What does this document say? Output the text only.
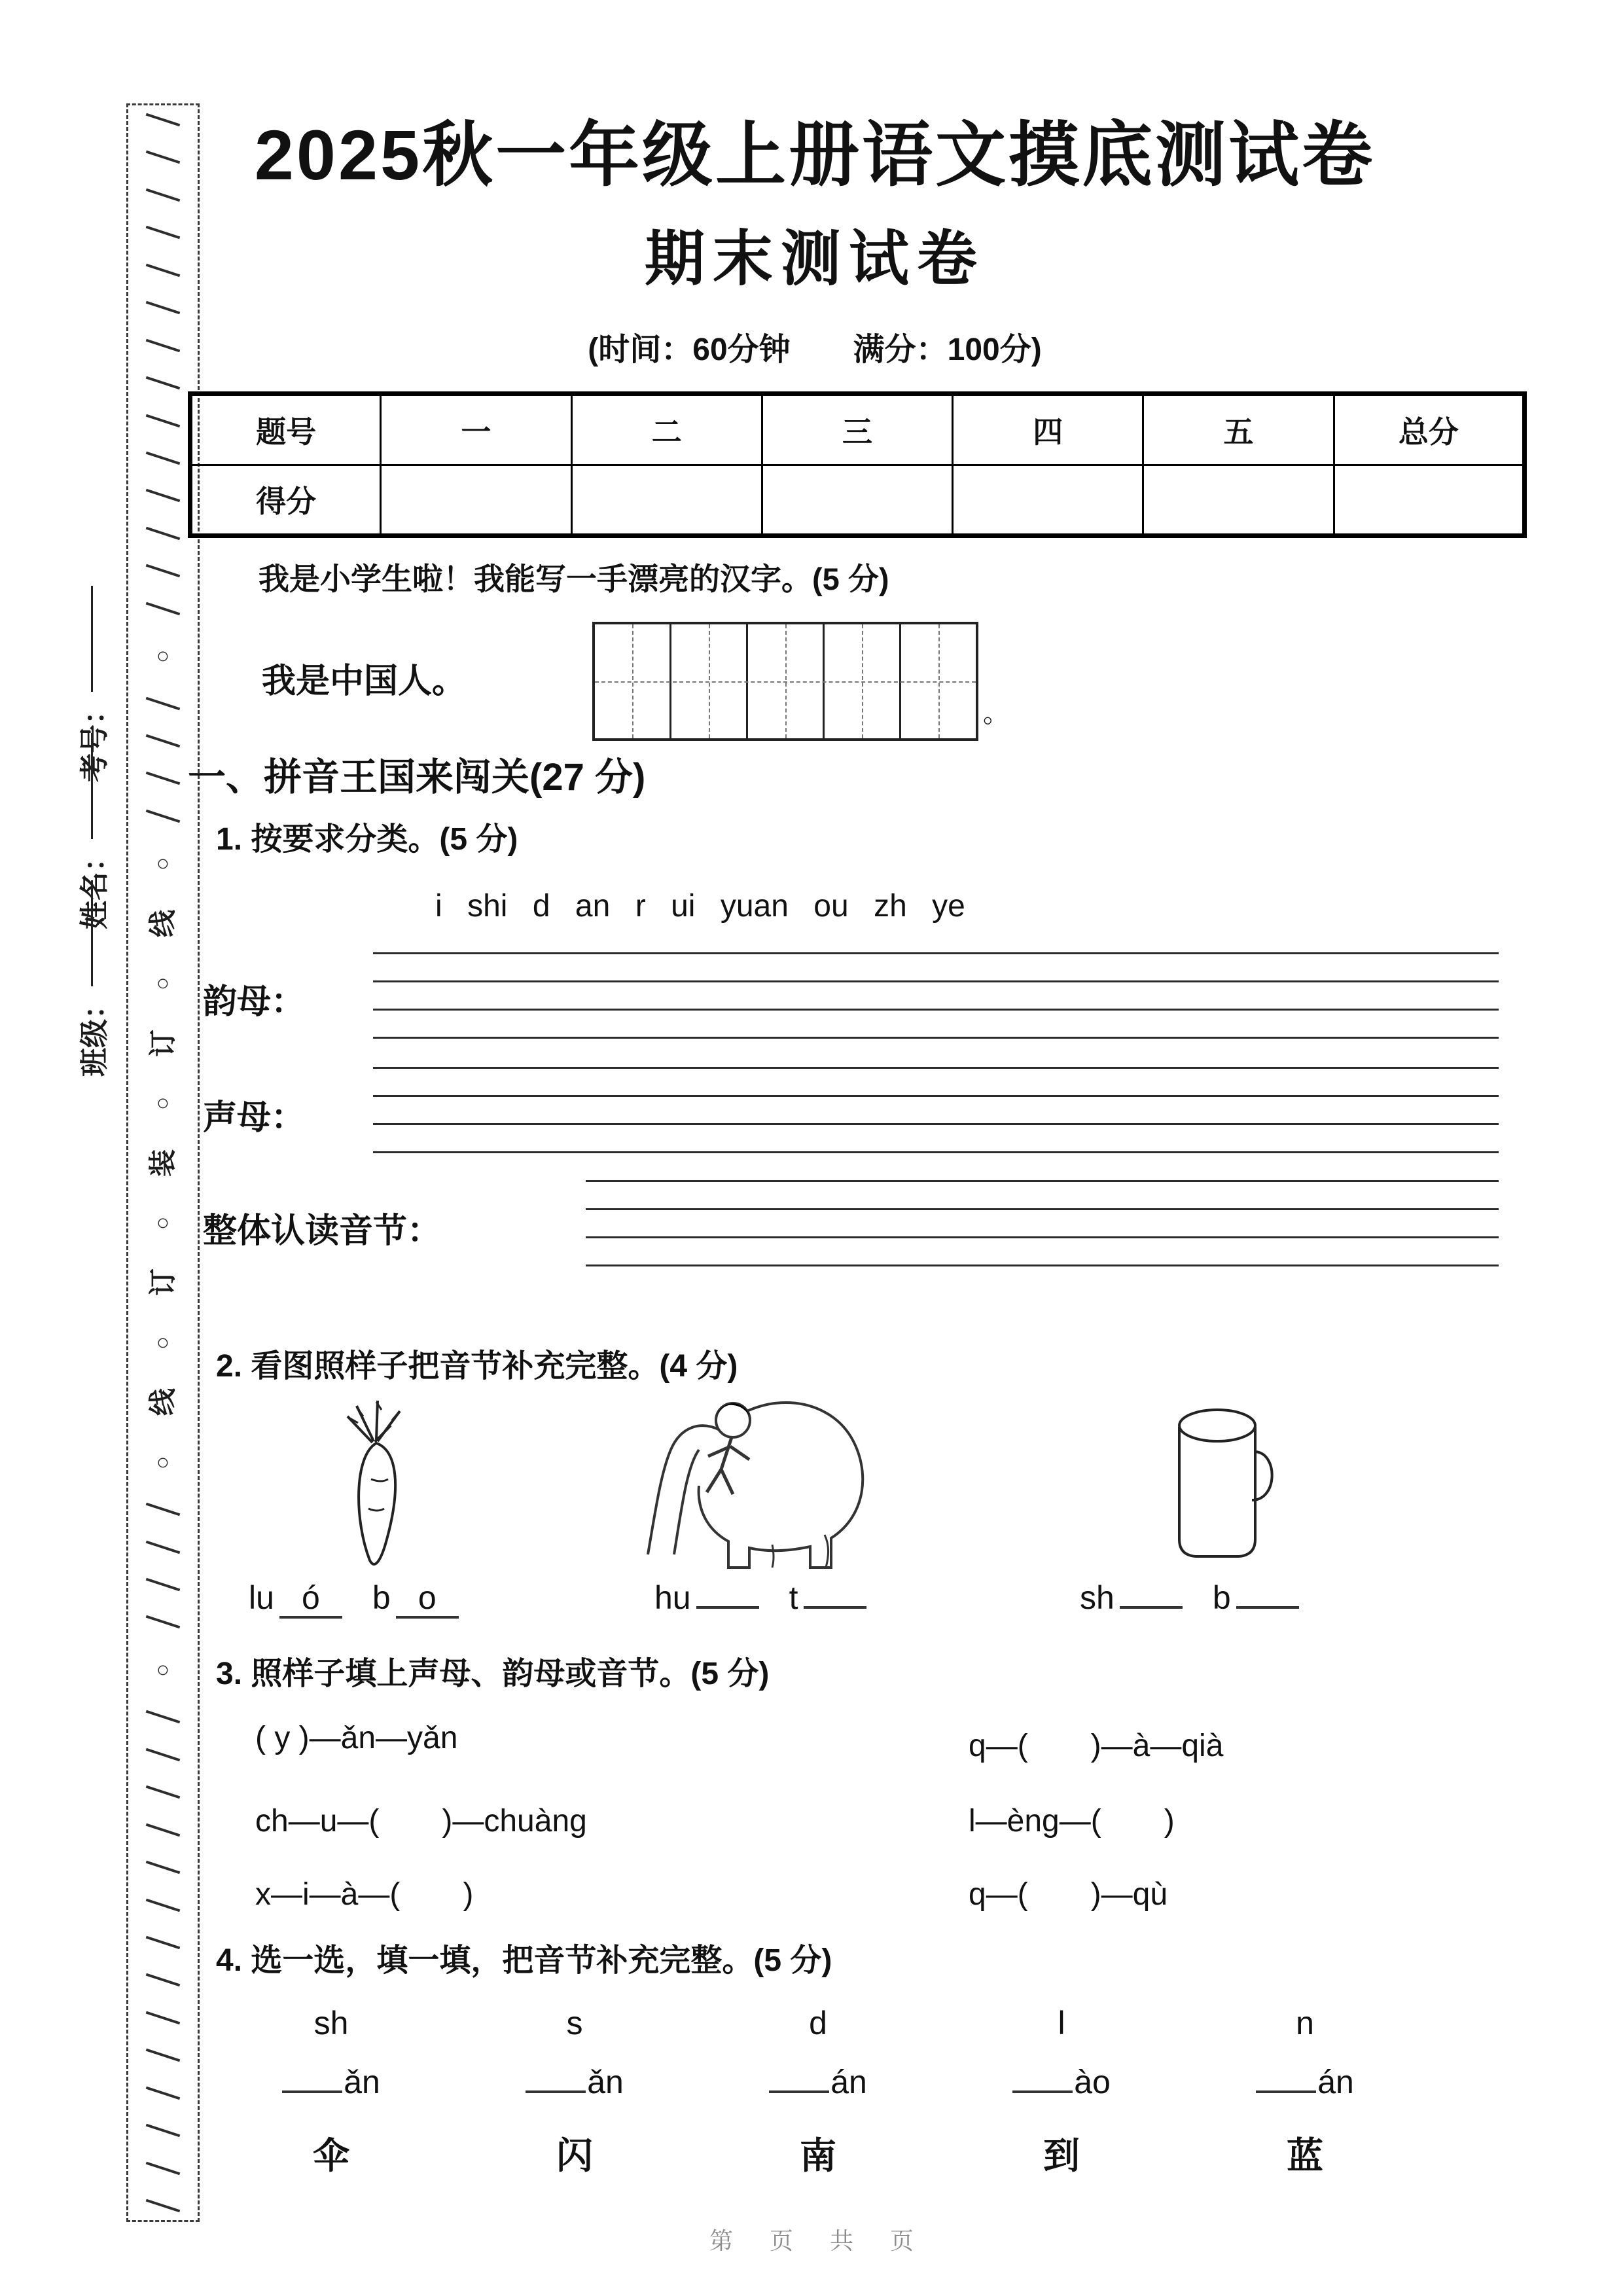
○
○
线
○
订
○
装
○
订
○
线
○
○
考号：
姓名：
班级：
2025秋一年级上册语文摸底测试卷
期末测试卷
(时间：60分钟　　满分：100分)
题号	一	二	三	四	五	总分
得分						
我是小学生啦！我能写一手漂亮的汉字。(5 分)
我是中国人。
。
一、拼音王国来闯关(27 分)
1. 按要求分类。(5 分)
i shi d an r ui yuan ou zh ye
韵母：
声母：
整体认读音节：
2. 看图照样子把音节补充完整。(4 分)
lu ó	b o	hu	t	sh	b
3. 照样子填上声母、韵母或音节。(5 分)
( y )—ǎn—yǎn	q—(　　)—à—qià
ch—u—(　　)—chuàng	l—èng—(　　)
x—i—à—(　　)	q—(　　)—qù
4. 选一选，填一填，把音节补充完整。(5 分)
sh	s	d	l	n
ǎn	ǎn	án	ào	án
伞	闪	南	到	蓝
第　页　共　页
